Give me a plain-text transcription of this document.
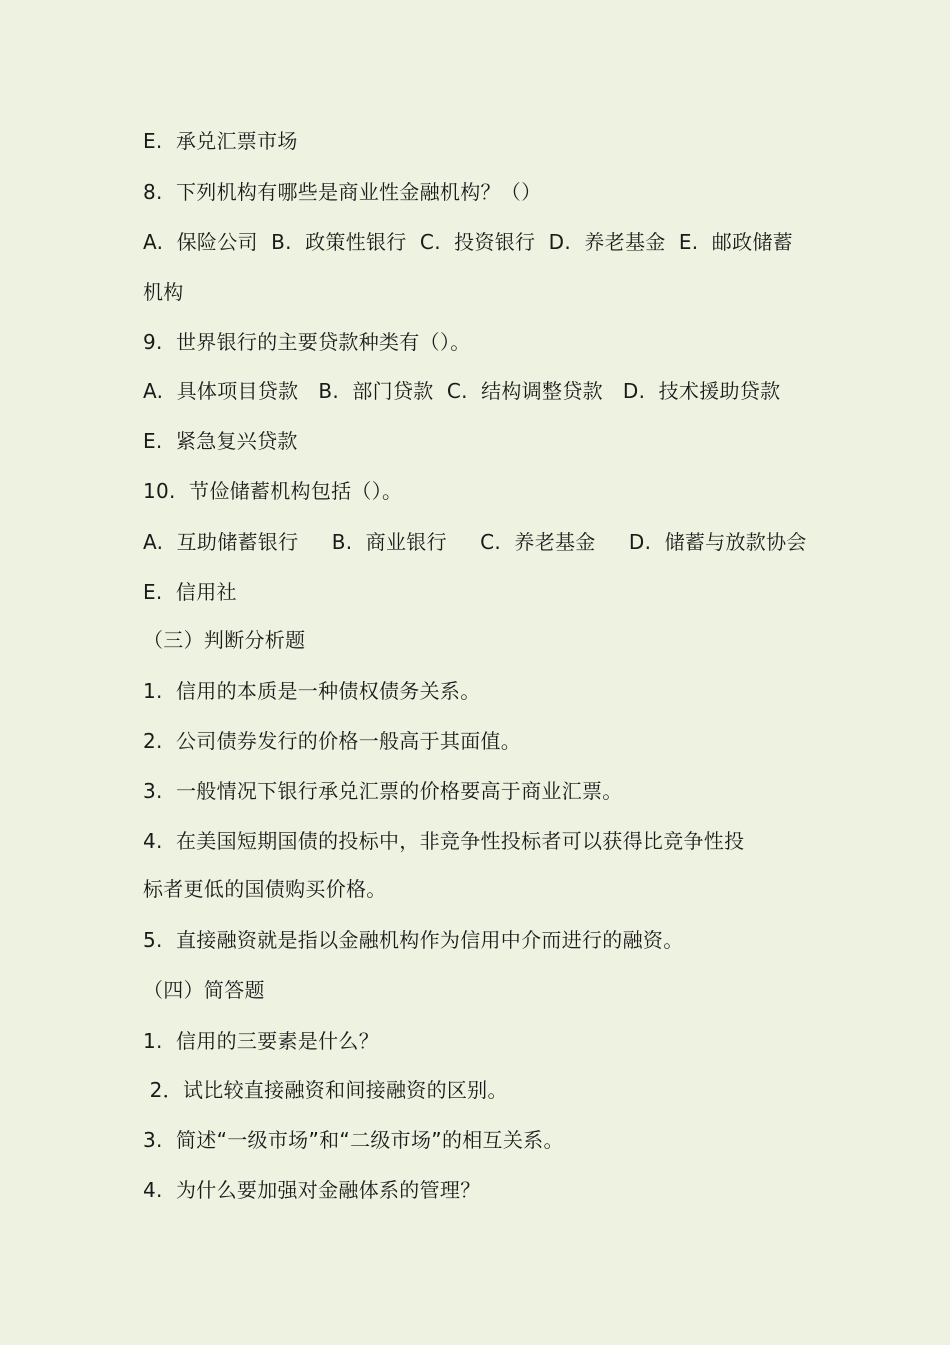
E.  承兑汇票市场
8.  下列机构有哪些是商业性金融机构？（）
A.  保险公司  B.  政策性银行  C.  投资银行  D.  养老基金  E.  邮政储蓄
机构
9.  世界银行的主要贷款种类有（）。
A.  具体项目贷款   B.  部门贷款  C.  结构调整贷款   D.  技术援助贷款
E.  紧急复兴贷款
10.  节俭储蓄机构包括（）。
A.  互助储蓄银行     B.  商业银行     C.  养老基金     D.  储蓄与放款协会
E.  信用社
（三）判断分析题
1.  信用的本质是一种债权债务关系。
2.  公司债券发行的价格一般高于其面值。
3.  一般情况下银行承兑汇票的价格要高于商业汇票。
4.  在美国短期国债的投标中，非竞争性投标者可以获得比竞争性投
标者更低的国债购买价格。
5.  直接融资就是指以金融机构作为信用中介而进行的融资。
（四）简答题
1.  信用的三要素是什么？
2．试比较直接融资和间接融资的区别。
3.  简述“一级市场”和“二级市场”的相互关系。
4.  为什么要加强对金融体系的管理？
